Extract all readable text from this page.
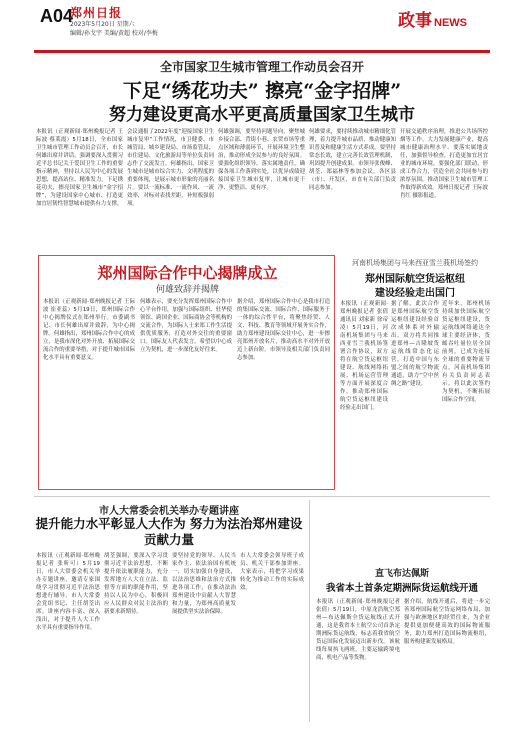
A04
郑州日报
2023年5月20日 星期六
编辑/孙戈宇 美编/黄超 校对/李梅
政事 NEWS
全市国家卫生城市管理工作动员会召开
下足“绣花功夫” 擦亮“金字招牌”
努力建设更高水平更高质量国家卫生城市
本报讯（正观新闻·郑州晚报记者 王际波 蔡莱霞）5月18日，全市国家卫生城市管理工作动员会召开，市长何雄出席并讲话，强调要深入贯彻习近平总书记关于爱国卫生工作的重要指示精神，坚持以人民为中心的发展思想，提高站位、精准发力，下足绣花功夫，擦亮国家卫生城市“金字招牌”，为建设国家中心城市、打造更加宜居韧性智慧城市提供有力支撑。
会议通报了2022年度“迎接国家卫生城市复审”工作情况，市卫健委、市城管局、城乡建设局、市场监管局、市住建局、文化旅游局等单位负责同志作了交流发言。何雄指出，国家卫生城市是城市综合实力、文明程度的重要体现，是展示城市形象的亮丽名片。要以一流标准、一流作风、一流效率，对标对表找差距，补短板强弱项。
何雄强调，要坚持问题导向，聚焦城乡接合部、背街小巷、农贸市场等重点区域和薄弱环节，开展环境卫生整治，推动形成全民参与的良好氛围。要强化组织领导，落实属地责任，确保各项工作落到实处，以优异成绩迎接国家卫生城市复审，让城市更干净、更整洁、更有序。
何雄要求，要持续推动城市精细化管理，着力提升城市品质，推动健康知识普及和健康生活方式养成。要坚持常态长效，建立完善长效管理机制，巩固提升创建成果。市领导张俊峰、胡荃、郑福林等参加会议。各区县（市）、开发区，市直有关部门负责同志参加。
开展交通秩序治理，推进公共场所控烟等工作。大力发展健康产业，提高城市健康治理水平。要落实属地责任，加强督导检查，打造更加宜居宜业的城市环境。要强化部门联动，形成工作合力，营造全社会共同参与的浓厚氛围，推动国家卫生城市管理工作取得新成效。郑州日报记者 王际波 肖红 摄影报道。
郑州国际合作中心揭牌成立
何雄致辞并揭牌
本报讯（正观新闻·郑州晚报记者 王际波 崔亚蕊）5月19日，郑州国际合作中心揭牌仪式在郑州举行。市委副书记、市长何雄出席并致辞，为中心揭牌。何雄指出，郑州国际合作中心的成立，是我市深化对外开放、拓展国际交流合作的重要举措，对于提升城市国际化水平具有重要意义。
何雄表示，要充分发挥郑州国际合作中心平台作用，加强与国际组织、驻华使领馆、跨国企业、国际商协会等机构的交流合作，为国际人士来郑工作生活提供优质服务，打造对外交往的重要窗口。国际友人代表发言，希望以中心成立为契机，进一步深化友好往来。
据介绍，郑州国际合作中心是我市打造的集国际交流、国际合作、国际服务于一体的综合性平台，将聚焦经贸、人文、科技、教育等领域开展务实合作，助力郑州建设国际交往中心，进一步擦亮郑州开放名片，推动高水平对外开放迈上新台阶。市领导及相关部门负责同志参加。
河南机场集团与马来西亚雪兰莪机场签约
郑州国际航空货运枢纽
建设经验走出国门
本报讯（正观新闻·郑州晚报记者 张倩 通讯员 刘家新 徐帝凌）5月19日，河南机场集团与马来西亚雪兰莪机场签署合作协议，双方将在航空货运枢纽建设、航线网络拓展、机场运营管理等方面开展深度合作，推动郑州国际航空货运枢纽建设经验走出国门。
据了解，此次合作是郑州国际航空货运枢纽建设经验首次成体系对外输出。双方将共同推进郑州—吉隆坡货运航线常态化运营，打造中国与东盟之间的航空物流通道，助力“空中丝绸之路”建设。
近年来，郑州机场持续加快国际航空货运枢纽建设，货运航线网络通达全球主要经济体，货邮吞吐量位居全国前列，已成为连接全球的重要物流节点。河南机场集团有关负责同志表示，将以此次签约为契机，不断拓展国际合作空间。
市人大常委会机关举办专题讲座
提升能力水平彰显人大作为 努力为法治郑州建设贡献力量
本报讯（正观新闻·郑州晚报记者 张昕可）5月19日，市人大常委会机关举办专题讲座，邀请专家围绕学习贯彻习近平法治思想进行辅导，市人大常委会党组书记、主任胡荃出席。讲座内容丰富、深入浅出，对于提升人大工作水平具有重要指导作用。
胡荃强调，要深入学习贯彻习近平法治思想，不断提升依法履职能力，充分发挥地方人大在立法、监督等方面的职能作用，坚持以人民为中心，积极回应人民群众对民主法治的新要求新期待。
要坚持党的领导、人民当家作主、依法治国有机统一，切实加强自身建设，以法治思维和法治方式推进各项工作，在推动法治郑州建设中贡献人大智慧和力量，为郑州高质量发展提供坚实法治保障。
市人大常委会领导班子成员、机关干部参加讲座。大家表示，将把学习成果转化为推动工作的实际成效。
直飞布达佩斯
我省本土首条定期洲际货运航线开通
本报讯（正观新闻·郑州晚报记者 张倩）5月19日，中原龙浩航空郑州—布达佩斯全货运航线正式开通，这是我省本土航空公司首条定期洲际货运航线，标志着我省航空货运国际化发展迈出新步伐。该航线每周执飞两班，主要运输跨境电商、机电产品等货物。
据介绍，航线开通后，将进一步完善郑州国际航空货运网络布局，加强与欧洲地区的经贸往来，为企业提供更加便捷高效的国际物流服务，助力郑州打造国际物流枢纽，服务构建新发展格局。
